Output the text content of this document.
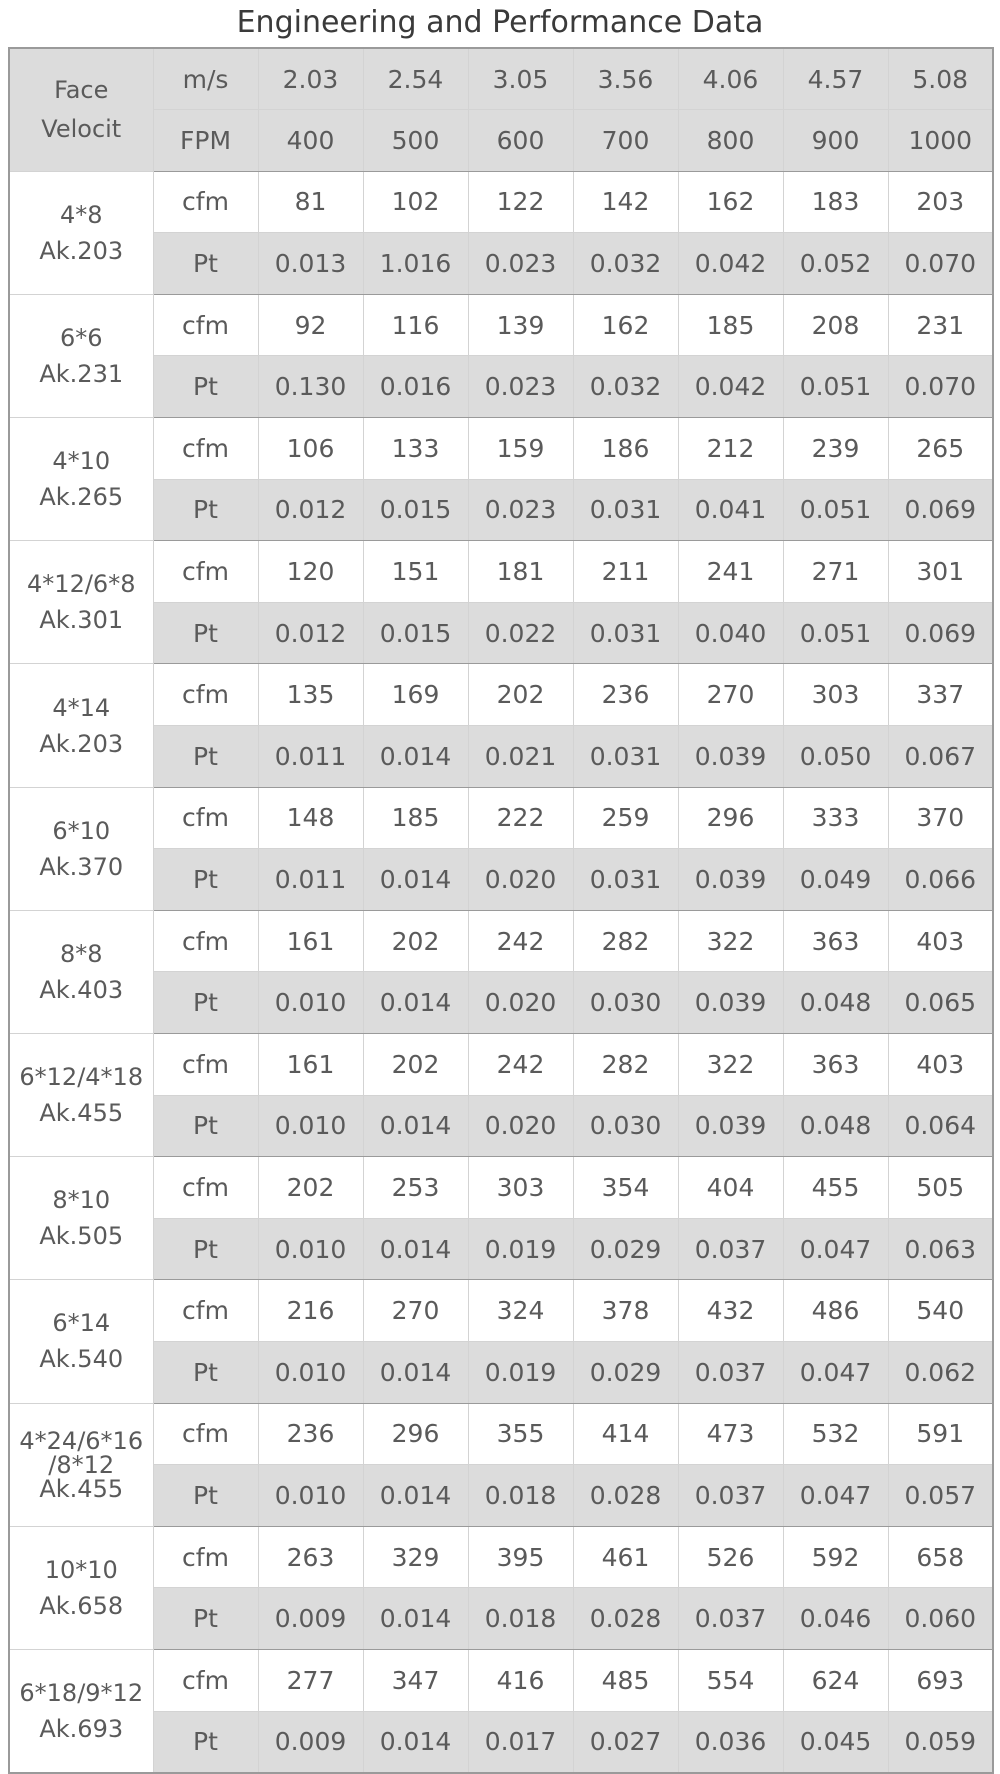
Engineering and Performance Data
Face
Velocit	m/s	2.03	2.54	3.05	3.56	4.06	4.57	5.08
	FPM	400	500	600	700	800	900	1000

4*8
Ak.203	cfm	81	102	122	142	162	183	203
	Pt	0.013	1.016	0.023	0.032	0.042	0.052	0.070

6*6
Ak.231	cfm	92	116	139	162	185	208	231
	Pt	0.130	0.016	0.023	0.032	0.042	0.051	0.070

4*10
Ak.265	cfm	106	133	159	186	212	239	265
	Pt	0.012	0.015	0.023	0.031	0.041	0.051	0.069

4*12/6*8
Ak.301	cfm	120	151	181	211	241	271	301
	Pt	0.012	0.015	0.022	0.031	0.040	0.051	0.069

4*14
Ak.203	cfm	135	169	202	236	270	303	337
	Pt	0.011	0.014	0.021	0.031	0.039	0.050	0.067

6*10
Ak.370	cfm	148	185	222	259	296	333	370
	Pt	0.011	0.014	0.020	0.031	0.039	0.049	0.066

8*8
Ak.403	cfm	161	202	242	282	322	363	403
	Pt	0.010	0.014	0.020	0.030	0.039	0.048	0.065

6*12/4*18
Ak.455	cfm	161	202	242	282	322	363	403
	Pt	0.010	0.014	0.020	0.030	0.039	0.048	0.064

8*10
Ak.505	cfm	202	253	303	354	404	455	505
	Pt	0.010	0.014	0.019	0.029	0.037	0.047	0.063

6*14
Ak.540	cfm	216	270	324	378	432	486	540
	Pt	0.010	0.014	0.019	0.029	0.037	0.047	0.062

4*24/6*16
/8*12
Ak.455	cfm	236	296	355	414	473	532	591
	Pt	0.010	0.014	0.018	0.028	0.037	0.047	0.057

10*10
Ak.658	cfm	263	329	395	461	526	592	658
	Pt	0.009	0.014	0.018	0.028	0.037	0.046	0.060

6*18/9*12
Ak.693	cfm	277	347	416	485	554	624	693
	Pt	0.009	0.014	0.017	0.027	0.036	0.045	0.059
